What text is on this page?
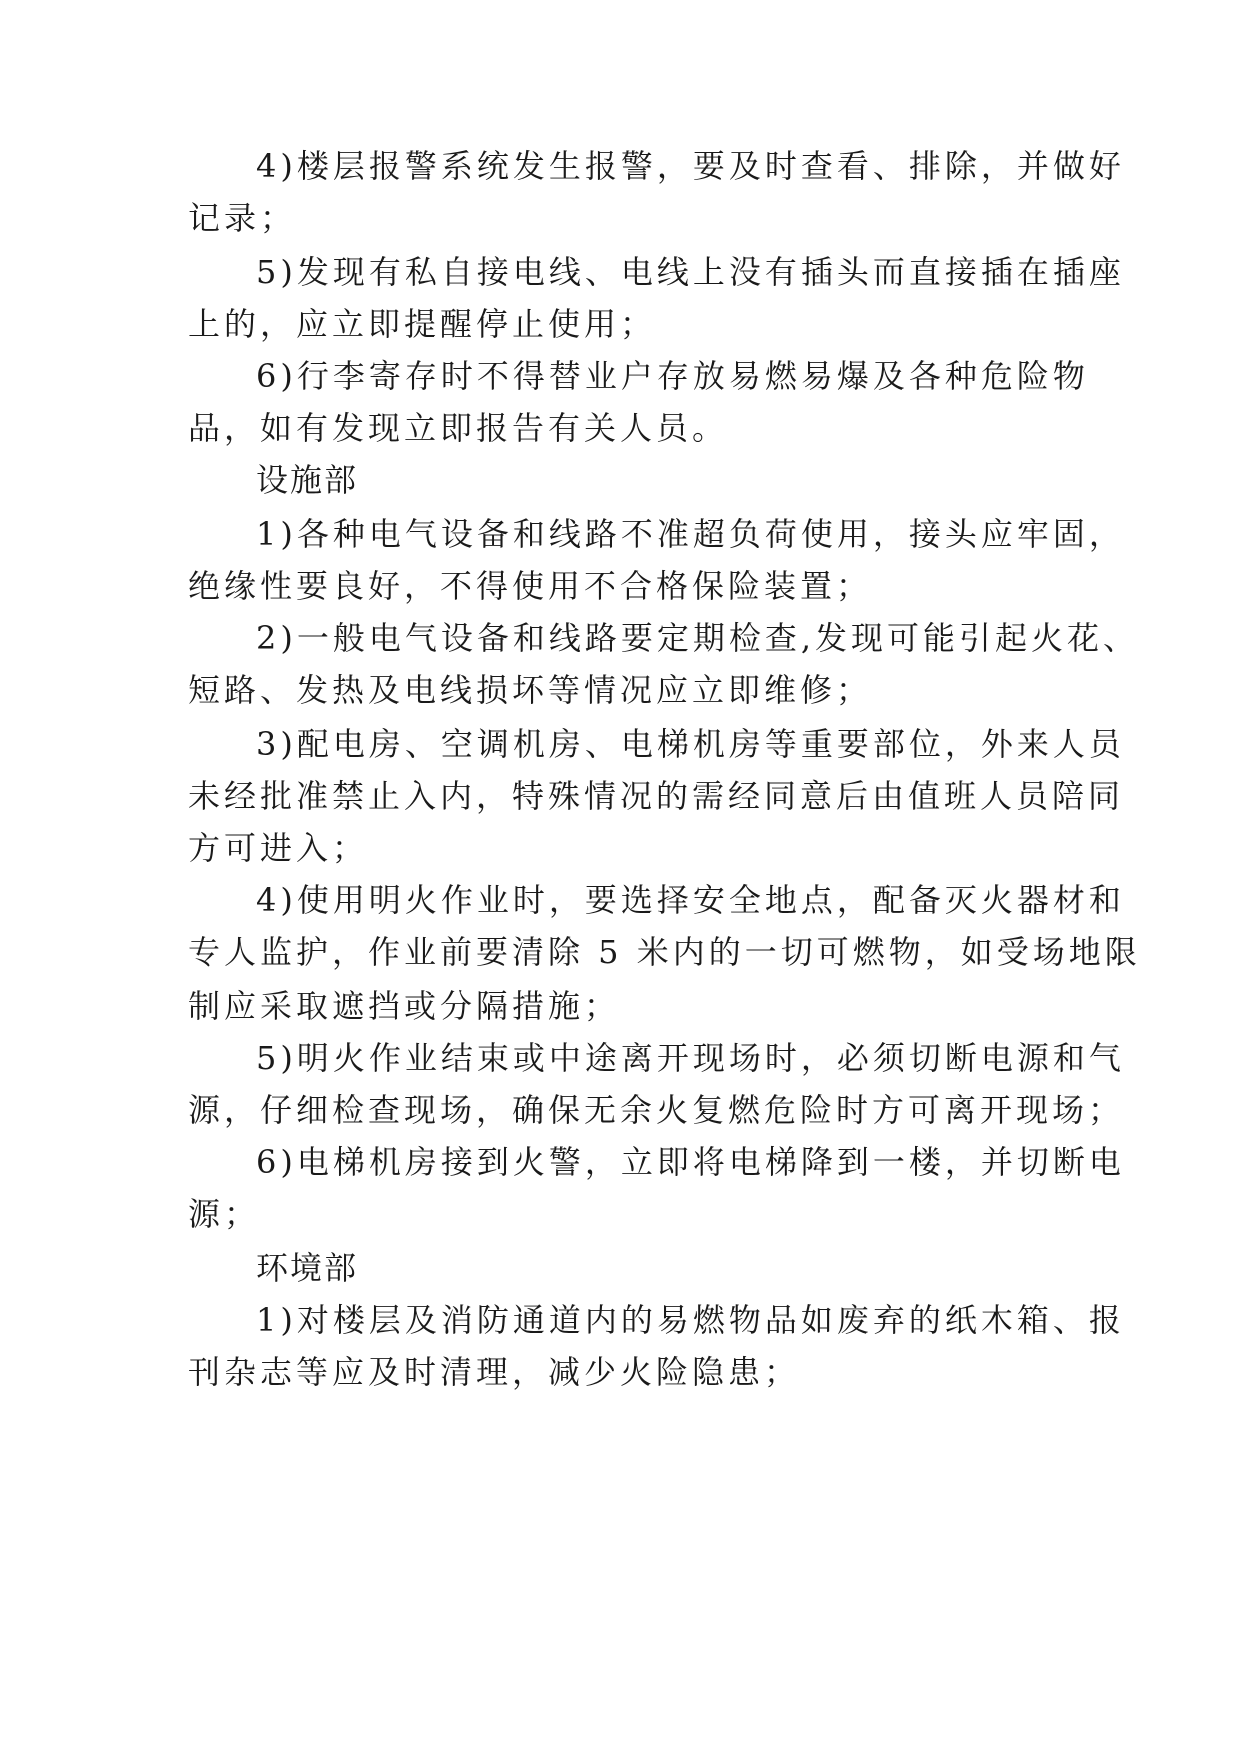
4)楼层报警系统发生报警，要及时查看、排除，并做好
记录；
5)发现有私自接电线、电线上没有插头而直接插在插座
上的，应立即提醒停止使用；
6)行李寄存时不得替业户存放易燃易爆及各种危险物
品，如有发现立即报告有关人员。
设施部
1)各种电气设备和线路不准超负荷使用，接头应牢固，
绝缘性要良好，不得使用不合格保险装置；
2)一般电气设备和线路要定期检查,发现可能引起火花、
短路、发热及电线损坏等情况应立即维修；
3)配电房、空调机房、电梯机房等重要部位，外来人员
未经批准禁止入内，特殊情况的需经同意后由值班人员陪同
方可进入；
4)使用明火作业时，要选择安全地点，配备灭火器材和
专人监护，作业前要清除 5 米内的一切可燃物，如受场地限
制应采取遮挡或分隔措施；
5)明火作业结束或中途离开现场时，必须切断电源和气
源，仔细检查现场，确保无余火复燃危险时方可离开现场；
6)电梯机房接到火警，立即将电梯降到一楼，并切断电
源；
环境部
1)对楼层及消防通道内的易燃物品如废弃的纸木箱、报
刊杂志等应及时清理，减少火险隐患；
